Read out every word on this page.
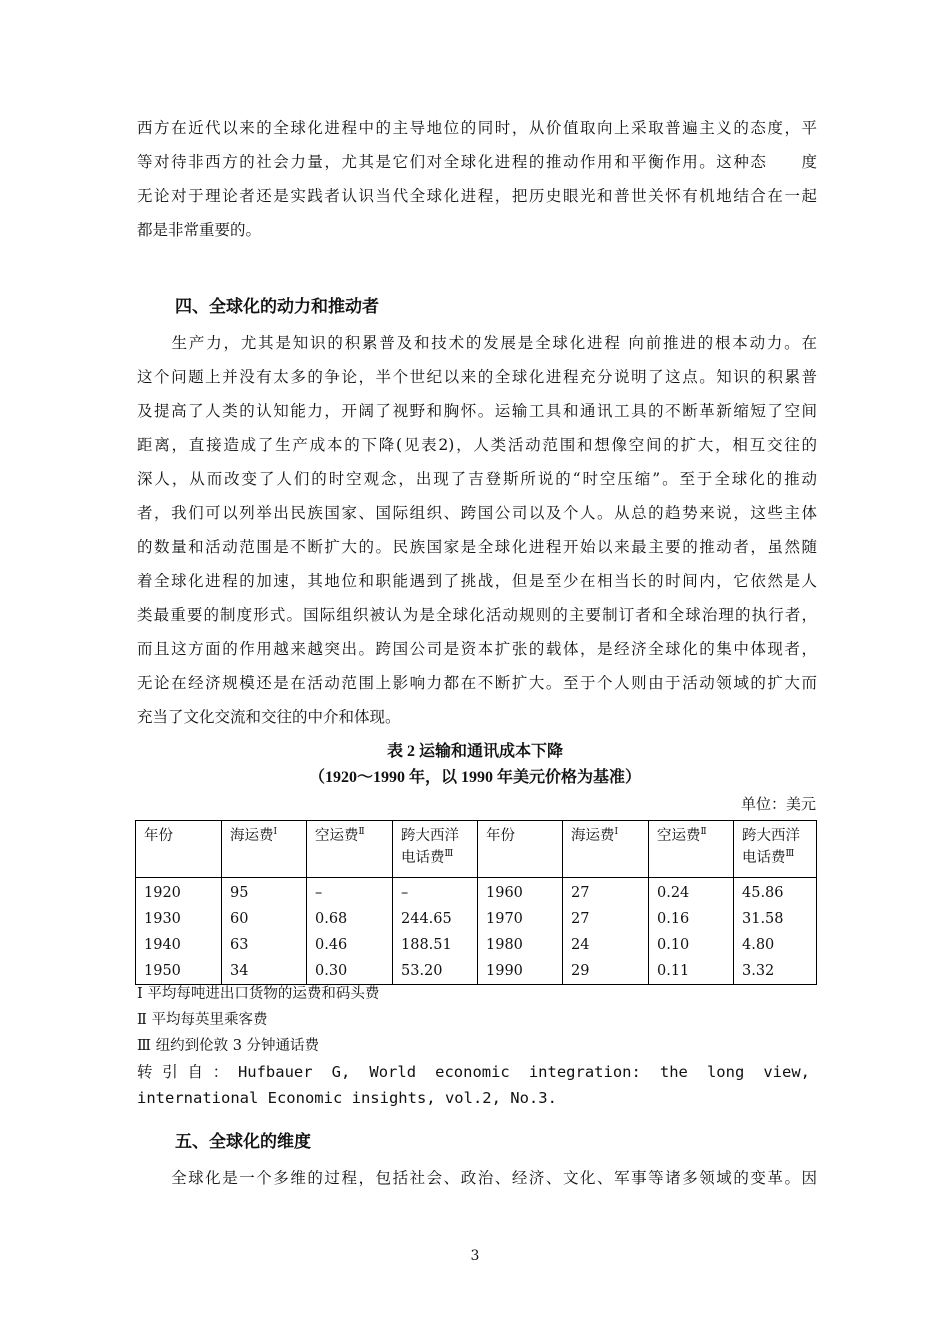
西方在近代以来的全球化进程中的主导地位的同时，从价值取向上采取普遍主义的态度，平
等对待非西方的社会力量，尤其是它们对全球化进程的推动作用和平衡作用。这种态　　度
无论对于理论者还是实践者认识当代全球化进程，把历史眼光和普世关怀有机地结合在一起
都是非常重要的。
四、全球化的动力和推动者
　　生产力，尤其是知识的积累普及和技术的发展是全球化进程 向前推进的根本动力。在
这个问题上并没有太多的争论，半个世纪以来的全球化进程充分说明了这点。知识的积累普
及提高了人类的认知能力，开阔了视野和胸怀。运输工具和通讯工具的不断革新缩短了空间
距离，直接造成了生产成本的下降(见表2)，人类活动范围和想像空间的扩大，相互交往的
深人，从而改变了人们的时空观念，出现了吉登斯所说的“时空压缩”。至于全球化的推动
者，我们可以列举出民族国家、国际组织、跨国公司以及个人。从总的趋势来说，这些主体
的数量和活动范围是不断扩大的。民族国家是全球化进程开始以来最主要的推动者，虽然随
着全球化进程的加速，其地位和职能遇到了挑战，但是至少在相当长的时间内，它依然是人
类最重要的制度形式。国际组织被认为是全球化活动规则的主要制订者和全球治理的执行者，
而且这方面的作用越来越突出。跨国公司是资本扩张的载体，是经济全球化的集中体现者，
无论在经济规模还是在活动范围上影响力都在不断扩大。至于个人则由于活动领域的扩大而
充当了文化交流和交往的中介和体现。
表 2 运输和通讯成本下降
（1920～1990 年，以 1990 年美元价格为基准）
单位：美元
年份	海运费$^Ⅰ$	空运费$^Ⅱ$	跨大西洋电话费$^Ⅲ$	年份	海运费$^Ⅰ$	空运费$^Ⅱ$	跨大西洋电话费$^Ⅲ$
1920	95	–	–	1960	27	0.24	45.86
1930	60	0.68	244.65	1970	27	0.16	31.58
1940	63	0.46	188.51	1980	24	0.10	4.80
1950	34	0.30	53.20	1990	29	0.11	3.32
Ⅰ 平均每吨进出口货物的运费和码头费
Ⅱ 平均每英里乘客费
Ⅲ 纽约到伦敦 3 分钟通话费
转引自：Hufbauer G, World economic integration: the long view,
international Economic insights, vol.2, No.3.
五、全球化的维度
　　全球化是一个多维的过程，包括社会、政治、经济、文化、军事等诸多领域的变革。因
3
